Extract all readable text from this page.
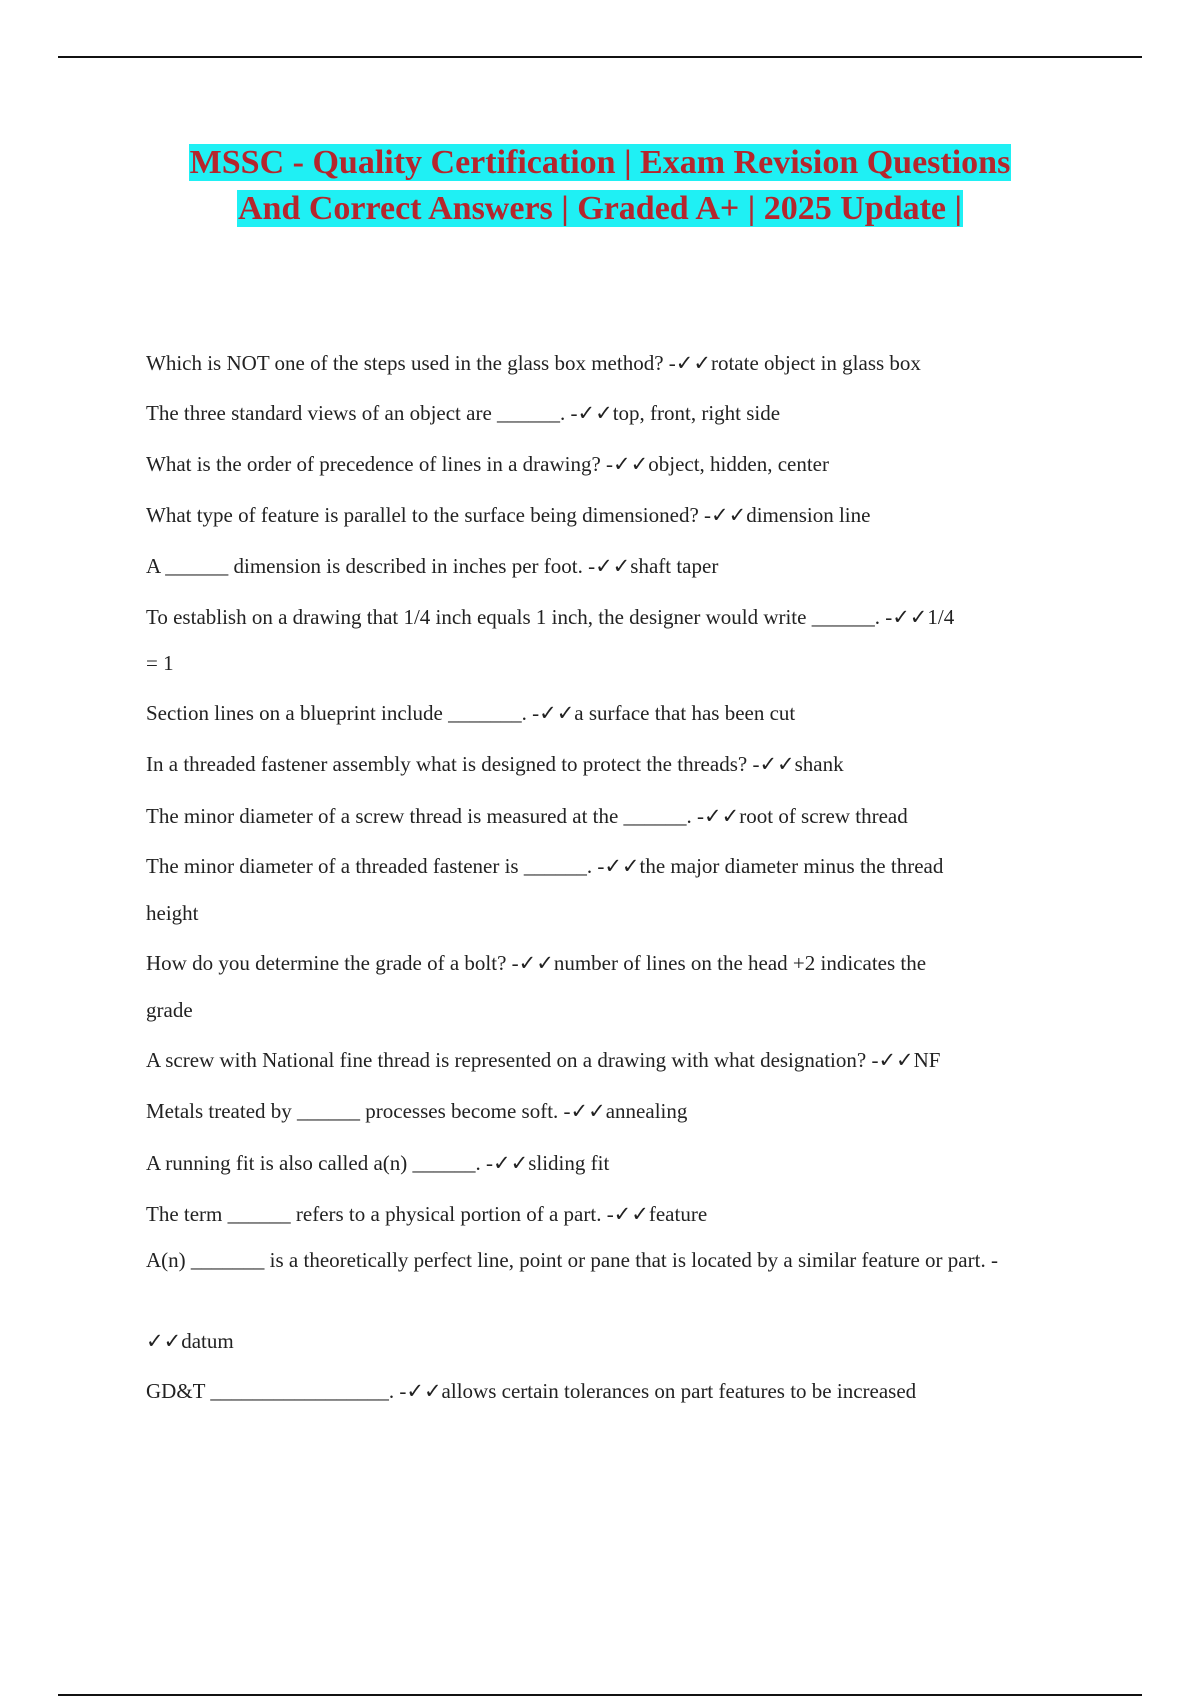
MSSC - Quality Certification | Exam Revision Questions
And Correct Answers | Graded A+ | 2025 Update |
Which is NOT one of the steps used in the glass box method? -✓✓rotate object in glass box
The three standard views of an object are ______. -✓✓top, front, right side
What is the order of precedence of lines in a drawing? -✓✓object, hidden, center
What type of feature is parallel to the surface being dimensioned? -✓✓dimension line
A ______ dimension is described in inches per foot. -✓✓shaft taper
To establish on a drawing that 1/4 inch equals 1 inch, the designer would write ______. -✓✓1/4
= 1
Section lines on a blueprint include _______. -✓✓a surface that has been cut
In a threaded fastener assembly what is designed to protect the threads? -✓✓shank
The minor diameter of a screw thread is measured at the ______. -✓✓root of screw thread
The minor diameter of a threaded fastener is ______. -✓✓the major diameter minus the thread
height
How do you determine the grade of a bolt? -✓✓number of lines on the head +2 indicates the
grade
A screw with National fine thread is represented on a drawing with what designation? -✓✓NF
Metals treated by ______ processes become soft. -✓✓annealing
A running fit is also called a(n) ______. -✓✓sliding fit
The term ______ refers to a physical portion of a part. -✓✓feature
A(n) _______ is a theoretically perfect line, point or pane that is located by a similar feature or part. -
✓✓datum
GD&T _________________. -✓✓allows certain tolerances on part features to be increased
